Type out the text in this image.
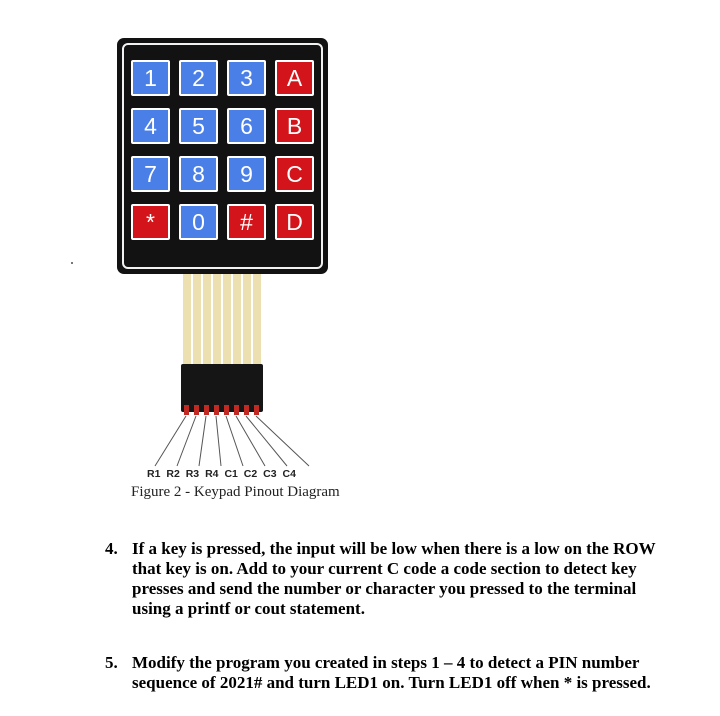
1	2	3	A
4	5	6	B
7	8	9	C
*	0	#	D
R1 R2 R3 R4 C1 C2 C3 C4
Figure 2 - Keypad Pinout Diagram
4. If a key is pressed, the input will be low when there is a low on the ROW that key is on. Add to your current C code a code section to detect key presses and send the number or character you pressed to the terminal using a printf or cout statement.
5. Modify the program you created in steps 1 – 4 to detect a PIN number sequence of 2021# and turn LED1 on. Turn LED1 off when * is pressed.
